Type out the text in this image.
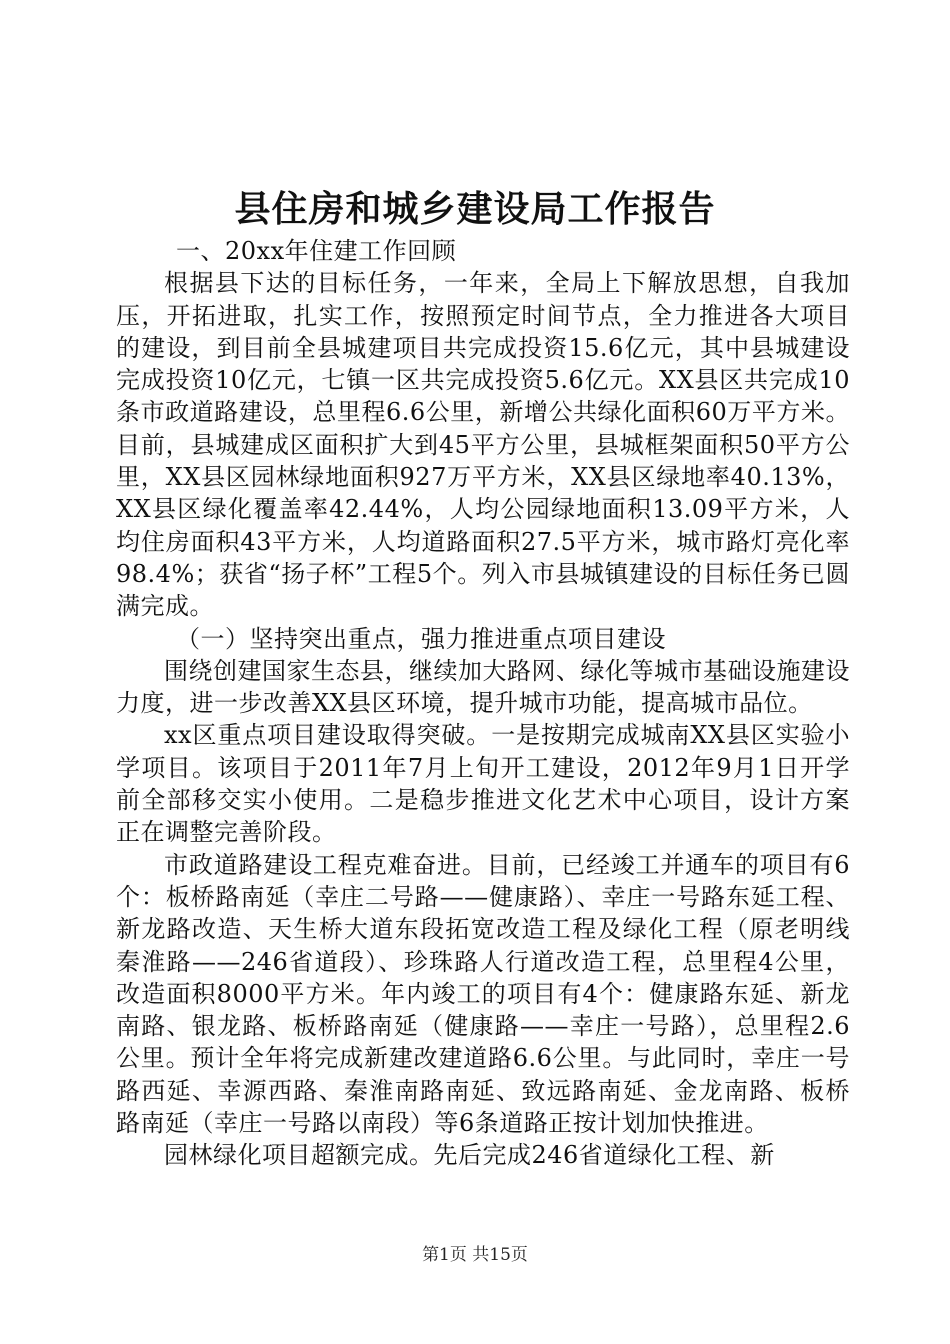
县住房和城乡建设局工作报告

一、20xx年住建工作回顾

根据县下达的目标任务，一年来，全局上下解放思想，自我加压，开拓进取，扎实工作，按照预定时间节点，全力推进各大项目的建设，到目前全县城建项目共完成投资15.6亿元，其中县城建设完成投资10亿元，七镇一区共完成投资5.6亿元。XX县区共完成10条市政道路建设，总里程6.6公里，新增公共绿化面积60万平方米。目前，县城建成区面积扩大到45平方公里，县城框架面积50平方公里，XX县区园林绿地面积927万平方米，XX县区绿地率40.13%，XX县区绿化覆盖率42.44%，人均公园绿地面积13.09平方米，人均住房面积43平方米，人均道路面积27.5平方米，城市路灯亮化率98.4%；获省“扬子杯”工程5个。列入市县城镇建设的目标任务已圆满完成。

（一）坚持突出重点，强力推进重点项目建设

围绕创建国家生态县，继续加大路网、绿化等城市基础设施建设力度，进一步改善XX县区环境，提升城市功能，提高城市品位。

xx区重点项目建设取得突破。一是按期完成城南XX县区实验小学项目。该项目于2011年7月上旬开工建设，2012年9月1日开学前全部移交实小使用。二是稳步推进文化艺术中心项目，设计方案正在调整完善阶段。

市政道路建设工程克难奋进。目前，已经竣工并通车的项目有6个：板桥路南延（幸庄二号路——健康路）、幸庄一号路东延工程、新龙路改造、天生桥大道东段拓宽改造工程及绿化工程（原老明线秦淮路——246省道段）、珍珠路人行道改造工程，总里程4公里，改造面积8000平方米。年内竣工的项目有4个：健康路东延、新龙南路、银龙路、板桥路南延（健康路——幸庄一号路），总里程2.6公里。预计全年将完成新建改建道路6.6公里。与此同时，幸庄一号路西延、幸源西路、秦淮南路南延、致远路南延、金龙南路、板桥路南延（幸庄一号路以南段）等6条道路正按计划加快推进。

园林绿化项目超额完成。先后完成246省道绿化工程、新

第1页 共15页
